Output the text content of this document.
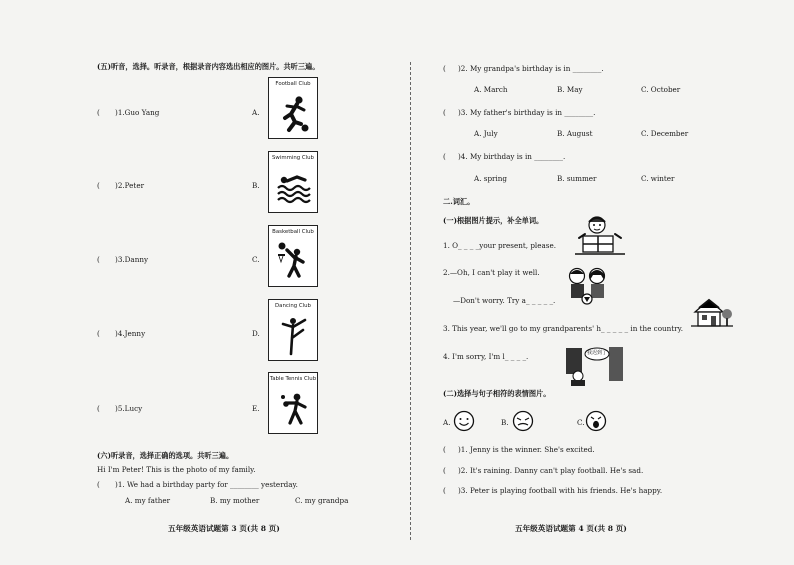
(五)听音，选择。听录音，根据录音内容选出相应的图片。共听三遍。
( )1.Guo Yang	A.
( )2.Peter	B.
( )3.Danny	C.
( )4.Jenny	D.
( )5.Lucy	E.
Football Club
Swimming Club
Basketball Club
Dancing Club
Table Tennis Club
(六)听录音，选择正确的选项。共听三遍。
Hi I'm Peter! This is the photo of my family.
( )1. We had a birthday party for ________ yesterday.
A. my father	B. my mother	C. my grandpa
五年级英语试题第 3 页(共 8 页)
( )2. My grandpa's birthday is in ________.
A. March	B. May	C. October
( )3. My father's birthday is in ________.
A. July	B. August	C. December
( )4. My birthday is in ________.
A. spring	B. summer	C. winter
二.词汇。
(一)根据图片提示，补全单词。
1. O_ _ _ _your present, please.
2.—Oh, I can't play it well.
—Don't worry. Try a_ _ _ _ _.
3. This year, we'll go to my grandparents' h_ _ _ _ _ in the country.
4. I'm sorry, I'm l_ _ _ _.	我迟到了
(二)选择与句子相符的表情图片。
A.	B.	C.
( )1. Jenny is the winner. She's excited.
( )2. It's raining. Danny can't play football. He's sad.
( )3. Peter is playing football with his friends. He's happy.
五年级英语试题第 4 页(共 8 页)
